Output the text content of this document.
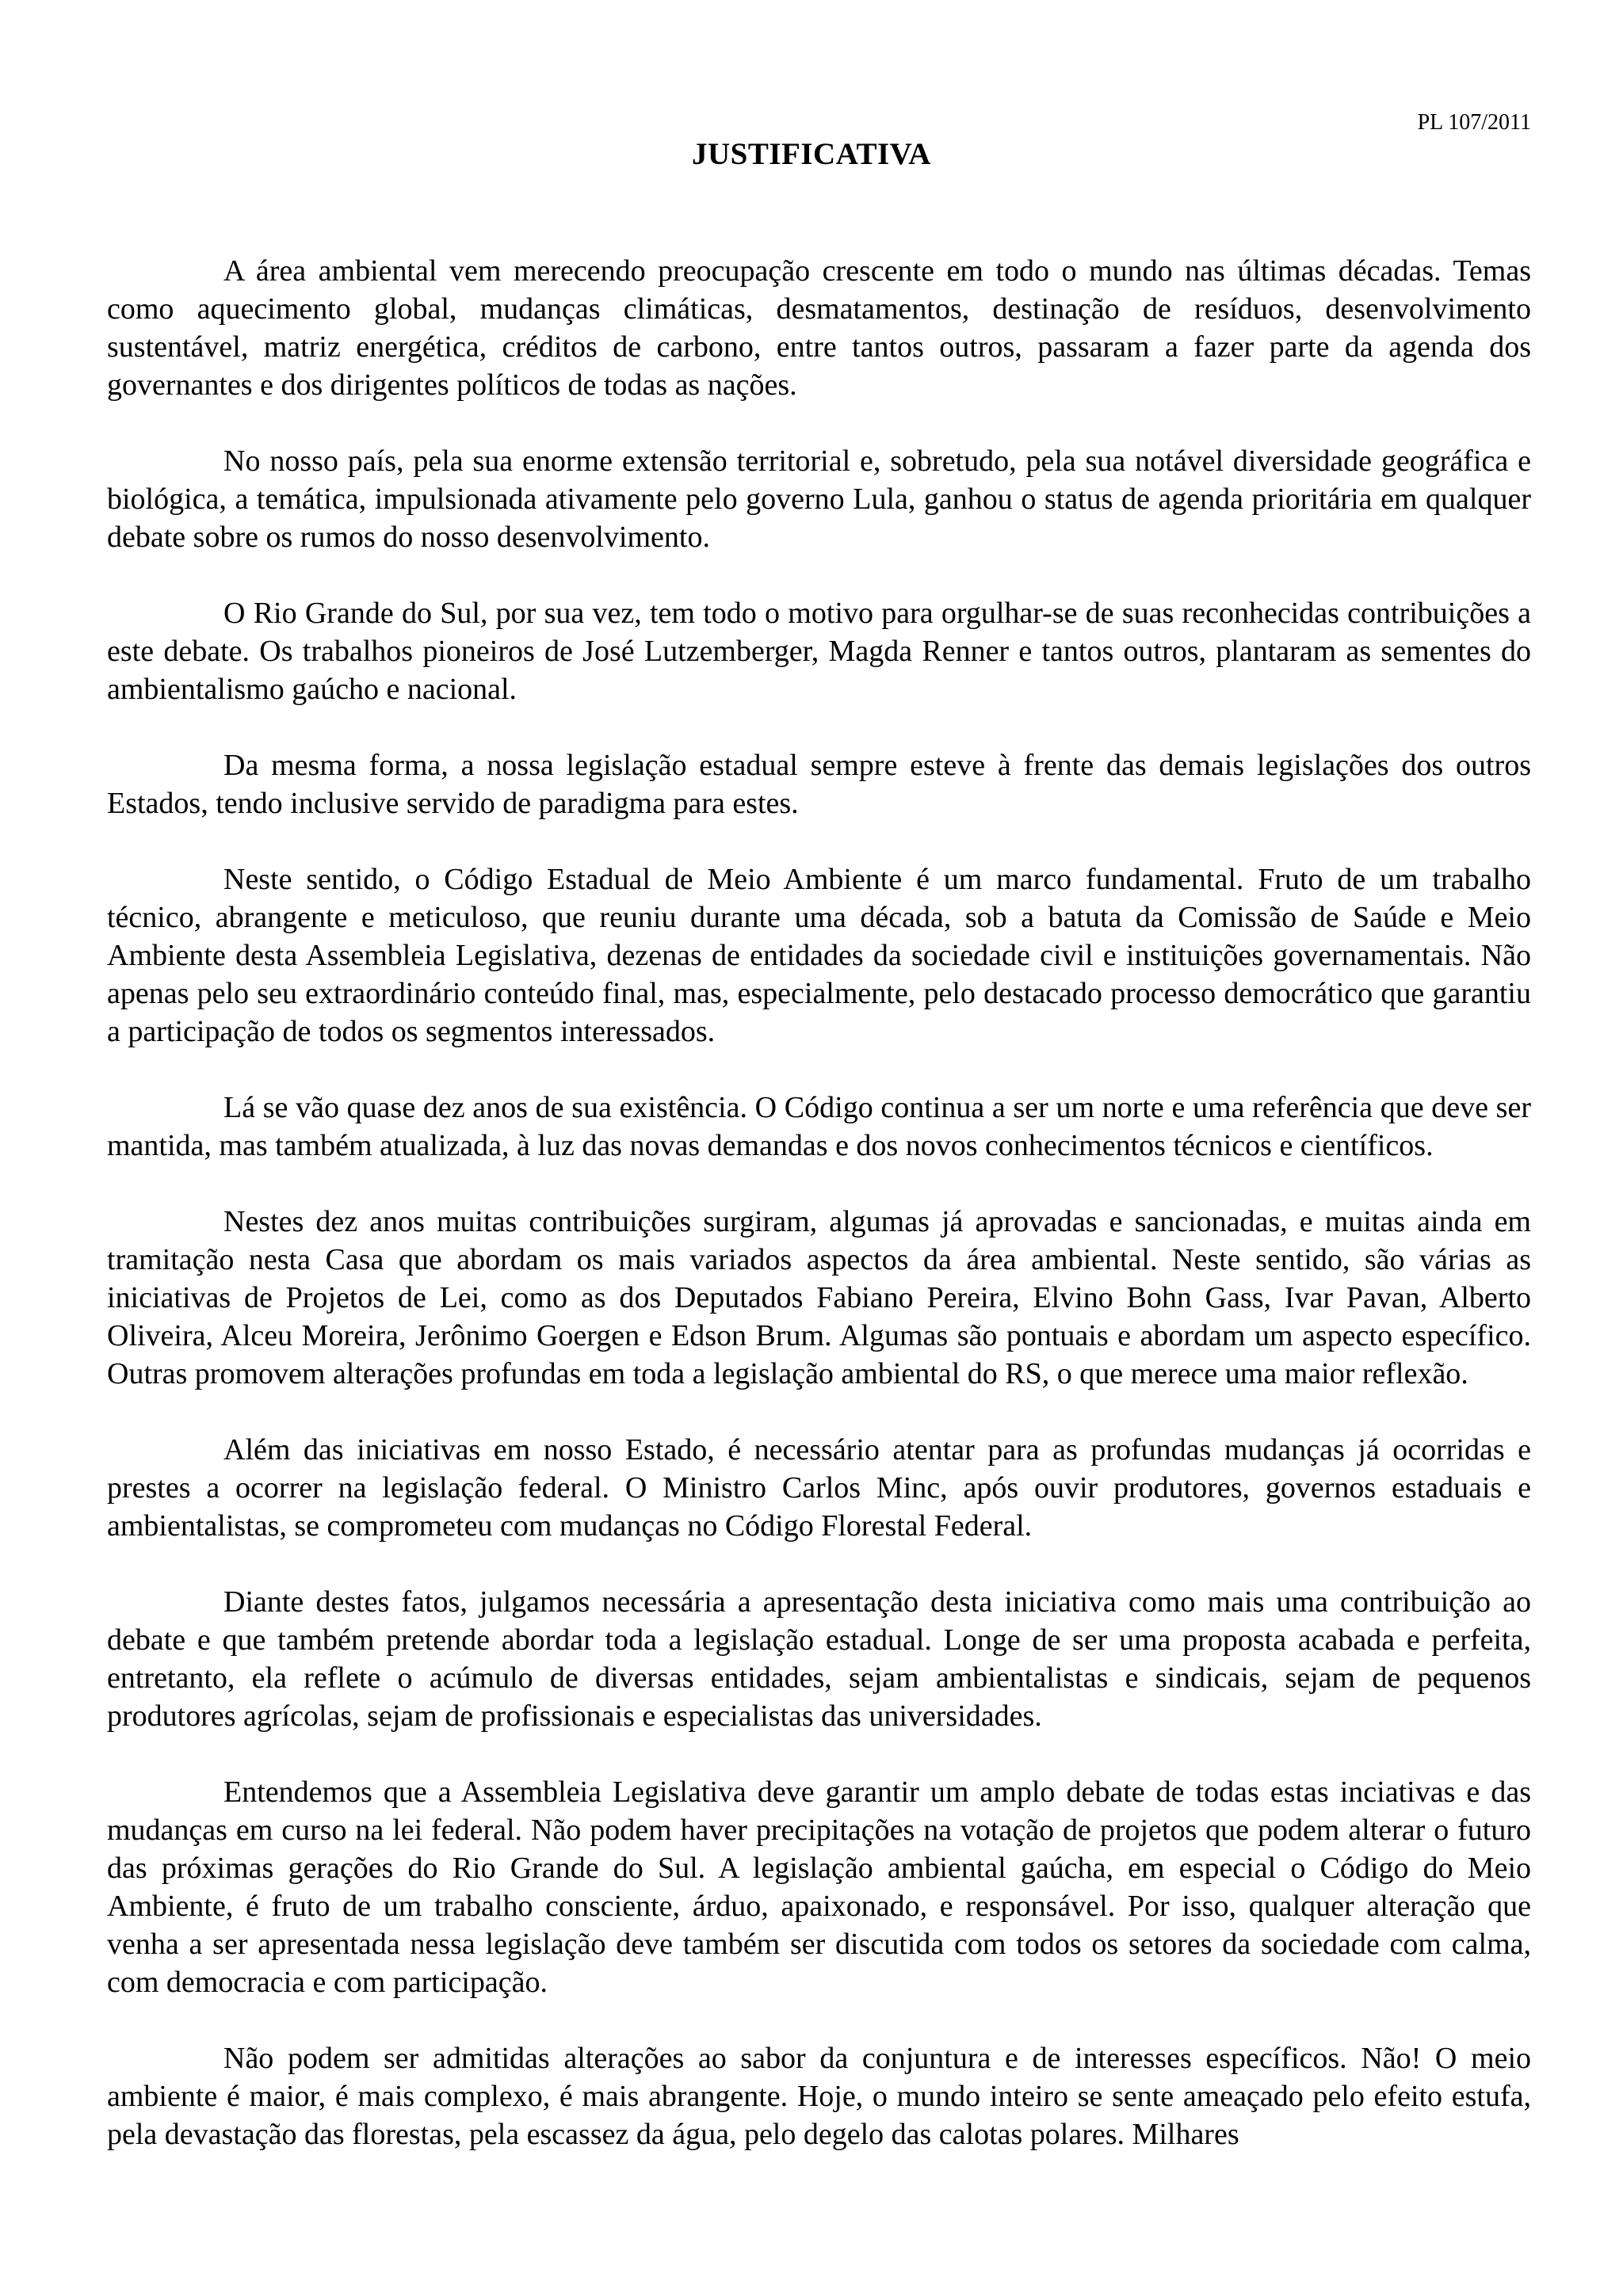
PL 107/2011
JUSTIFICATIVA

A área ambiental vem merecendo preocupação crescente em todo o mundo nas últimas décadas. Temas como aquecimento global, mudanças climáticas, desmatamentos, destinação de resíduos, desenvolvimento sustentável, matriz energética, créditos de carbono, entre tantos outros, passaram a fazer parte da agenda dos governantes e dos dirigentes políticos de todas as nações.

No nosso país, pela sua enorme extensão territorial e, sobretudo, pela sua notável diversidade geográfica e biológica, a temática, impulsionada ativamente pelo governo Lula, ganhou o status de agenda prioritária em qualquer debate sobre os rumos do nosso desenvolvimento.

O Rio Grande do Sul, por sua vez, tem todo o motivo para orgulhar-se de suas reconhecidas contribuições a este debate. Os trabalhos pioneiros de José Lutzemberger, Magda Renner e tantos outros, plantaram as sementes do ambientalismo gaúcho e nacional.

Da mesma forma, a nossa legislação estadual sempre esteve à frente das demais legislações dos outros Estados, tendo inclusive servido de paradigma para estes.

Neste sentido, o Código Estadual de Meio Ambiente é um marco fundamental. Fruto de um trabalho técnico, abrangente e meticuloso, que reuniu durante uma década, sob a batuta da Comissão de Saúde e Meio Ambiente desta Assembleia Legislativa, dezenas de entidades da sociedade civil e instituições governamentais. Não apenas pelo seu extraordinário conteúdo final, mas, especialmente, pelo destacado processo democrático que garantiu a participação de todos os segmentos interessados.

Lá se vão quase dez anos de sua existência. O Código continua a ser um norte e uma referência que deve ser mantida, mas também atualizada, à luz das novas demandas e dos novos conhecimentos técnicos e científicos.

Nestes dez anos muitas contribuições surgiram, algumas já aprovadas e sancionadas, e muitas ainda em tramitação nesta Casa que abordam os mais variados aspectos da área ambiental. Neste sentido, são várias as iniciativas de Projetos de Lei, como as dos Deputados Fabiano Pereira, Elvino Bohn Gass, Ivar Pavan, Alberto Oliveira, Alceu Moreira, Jerônimo Goergen e Edson Brum. Algumas são pontuais e abordam um aspecto específico. Outras promovem alterações profundas em toda a legislação ambiental do RS, o que merece uma maior reflexão.

Além das iniciativas em nosso Estado, é necessário atentar para as profundas mudanças já ocorridas e prestes a ocorrer na legislação federal. O Ministro Carlos Minc, após ouvir produtores, governos estaduais e ambientalistas, se comprometeu com mudanças no Código Florestal Federal.

Diante destes fatos, julgamos necessária a apresentação desta iniciativa como mais uma contribuição ao debate e que também pretende abordar toda a legislação estadual. Longe de ser uma proposta acabada e perfeita, entretanto, ela reflete o acúmulo de diversas entidades, sejam ambientalistas e sindicais, sejam de pequenos produtores agrícolas, sejam de profissionais e especialistas das universidades.

Entendemos que a Assembleia Legislativa deve garantir um amplo debate de todas estas inciativas e das mudanças em curso na lei federal. Não podem haver precipitações na votação de projetos que podem alterar o futuro das próximas gerações do Rio Grande do Sul. A legislação ambiental gaúcha, em especial o Código do Meio Ambiente, é fruto de um trabalho consciente, árduo, apaixonado, e responsável. Por isso, qualquer alteração que venha a ser apresentada nessa legislação deve também ser discutida com todos os setores da sociedade com calma, com democracia e com participação.

Não podem ser admitidas alterações ao sabor da conjuntura e de interesses específicos. Não! O meio ambiente é maior, é mais complexo, é mais abrangente. Hoje, o mundo inteiro se sente ameaçado pelo efeito estufa, pela devastação das florestas, pela escassez da água, pelo degelo das calotas polares. Milhares
